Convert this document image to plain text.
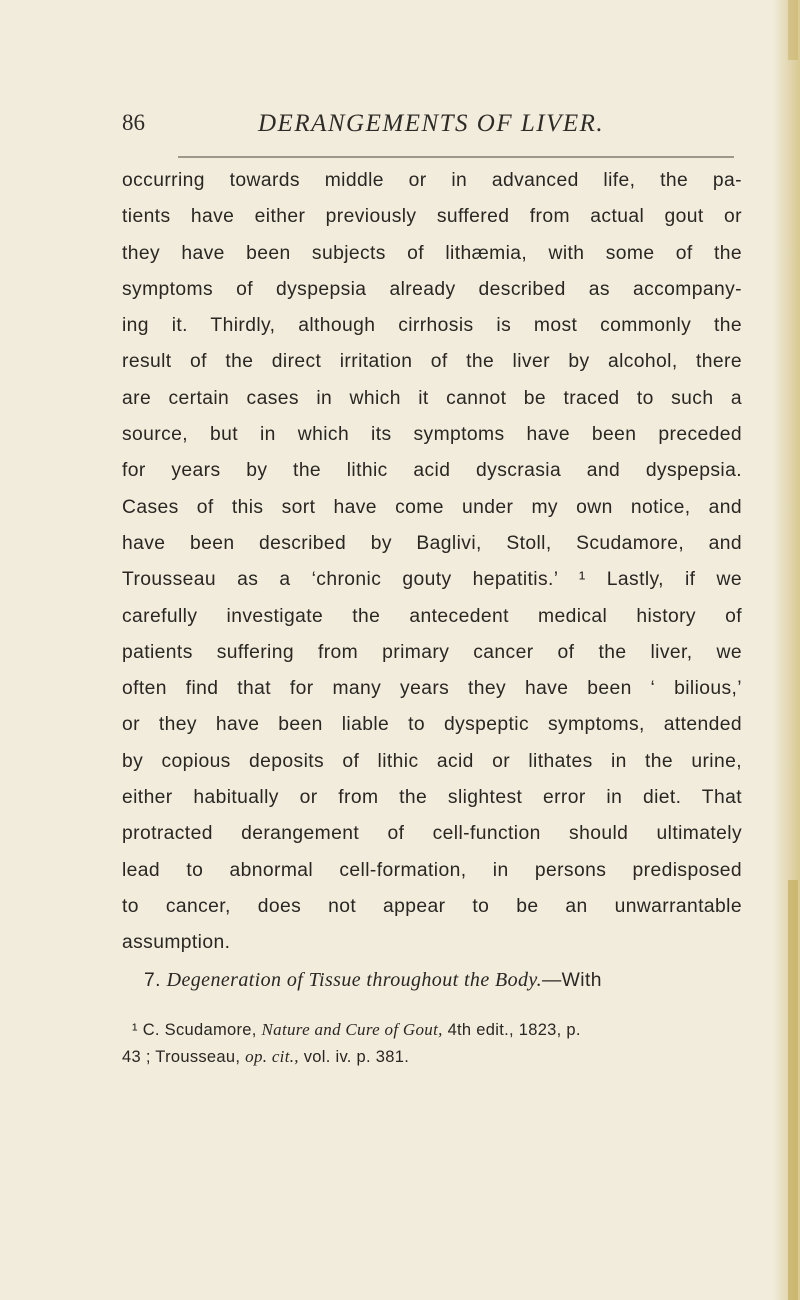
86	DERANGEMENTS OF LIVER.
occurring towards middle or in advanced life, the pa-
tients have either previously suffered from actual gout or
they have been subjects of lithæmia, with some of the
symptoms of dyspepsia already described as accompany-
ing it. Thirdly, although cirrhosis is most commonly the
result of the direct irritation of the liver by alcohol, there
are certain cases in which it cannot be traced to such a
source, but in which its symptoms have been preceded
for years by the lithic acid dyscrasia and dyspepsia.
Cases of this sort have come under my own notice, and
have been described by Baglivi, Stoll, Scudamore, and
Trousseau as a ‘chronic gouty hepatitis.’ ¹ Lastly, if we
carefully investigate the antecedent medical history of
patients suffering from primary cancer of the liver, we
often find that for many years they have been ‘ bilious,’
or they have been liable to dyspeptic symptoms, attended
by copious deposits of lithic acid or lithates in the urine,
either habitually or from the slightest error in diet. That
protracted derangement of cell-function should ultimately
lead to abnormal cell-formation, in persons predisposed
to cancer, does not appear to be an unwarrantable
assumption.
7. Degeneration of Tissue throughout the Body.—With
¹ C. Scudamore, Nature and Cure of Gout, 4th edit., 1823, p.
43 ; Trousseau, op. cit., vol. iv. p. 381.
